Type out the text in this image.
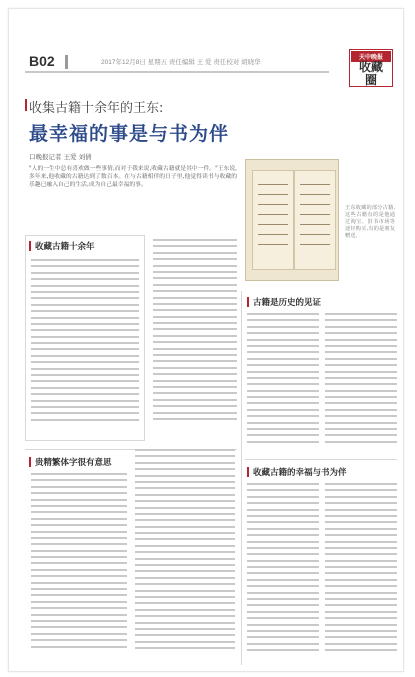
B02	2017年12月8日 星期五 责任编辑 王 爱 责任校对 胡晓华
天中晚报
收藏
圈
收集古籍十余年的王东:
最幸福的事是与书为伴
口晚报记者 王爱 刘倩
"人的一生中总有喜欢做一些事情,而对于我来说,收藏古籍就是其中一件。"王东说,多年来,他收藏的古籍达到了数百本。在与古籍相伴的日子里,他觉得读书与收藏的乐趣已融入自己的生活,成为自己最幸福的事。
王东收藏的部分古籍,这些古籍有的是他通过淘宝、旧书市场等途径购买,有的是朋友赠送。
收藏古籍十余年
古籍是历史的见证
贵精繁体字很有意思
收藏古籍的幸福与书为伴
